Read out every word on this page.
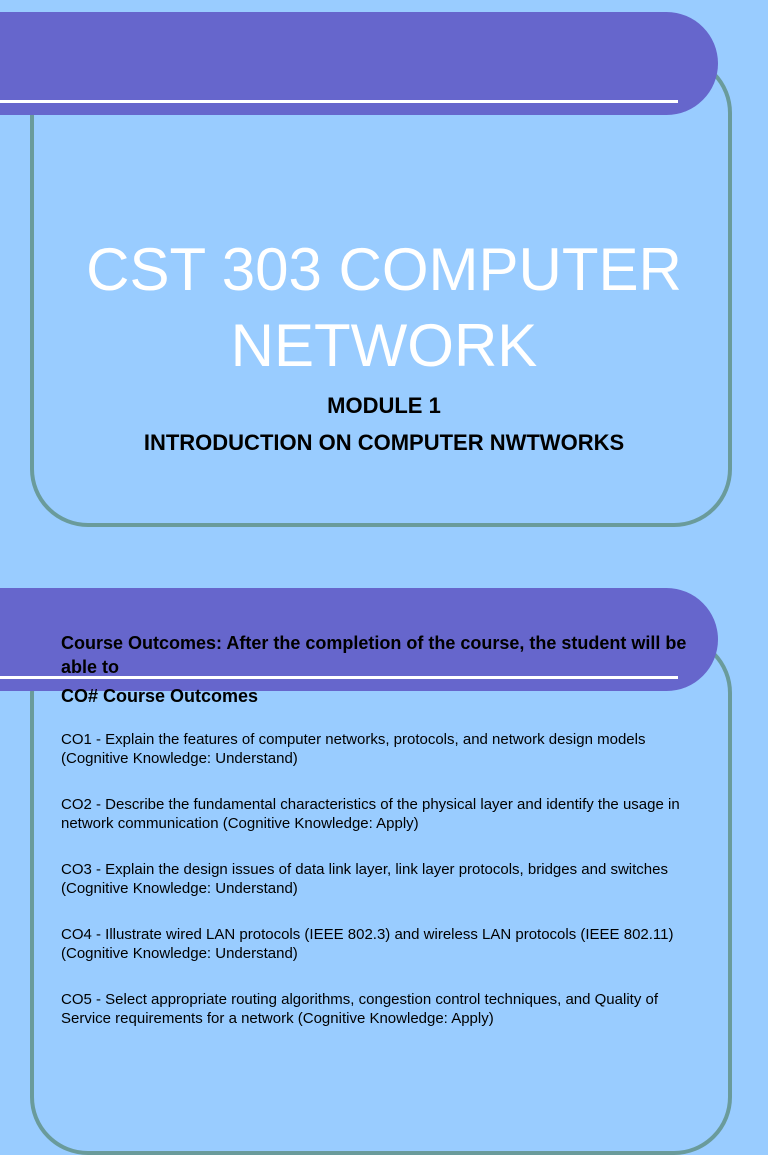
CST 303 COMPUTER
NETWORK

MODULE 1

INTRODUCTION ON COMPUTER NWTWORKS

Course Outcomes: After the completion of the course, the student will be able to

CO# Course Outcomes

CO1 - Explain the features of computer networks, protocols, and network design models (Cognitive Knowledge: Understand)
CO2 - Describe the fundamental characteristics of the physical layer and identify the usage in network communication (Cognitive Knowledge: Apply)
CO3 - Explain the design issues of data link layer, link layer protocols, bridges and switches (Cognitive Knowledge: Understand)
CO4 - Illustrate wired LAN protocols (IEEE 802.3) and wireless LAN protocols (IEEE 802.11) (Cognitive Knowledge: Understand)
CO5 - Select appropriate routing algorithms, congestion control techniques, and Quality of Service requirements for a network (Cognitive Knowledge: Apply)
